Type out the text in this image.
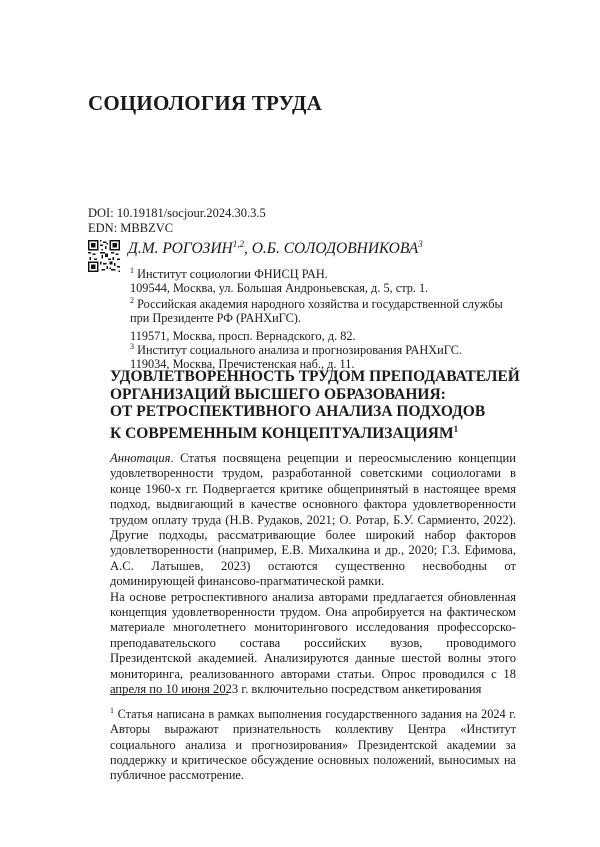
СОЦИОЛОГИЯ ТРУДА
DOI: 10.19181/socjour.2024.30.3.5
EDN: MBBZVC
Д.М. РОГОЗИН$^{1,2}$, О.Б. СОЛОДОВНИКОВА$^3$
$^1$ Институт социологии ФНИСЦ РАН.
109544, Москва, ул. Большая Андроньевская, д. 5, стр. 1.
$^2$ Российская академия народного хозяйства и государственной службы
при Президенте РФ (РАНХиГС).
119571, Москва, просп. Вернадского, д. 82.
$^3$ Институт социального анализа и прогнозирования РАНХиГС.
119034, Москва, Пречистенская наб., д. 11.
УДОВЛЕТВОРЕННОСТЬ ТРУДОМ ПРЕПОДАВАТЕЛЕЙ
ОРГАНИЗАЦИЙ ВЫСШЕГО ОБРАЗОВАНИЯ:
ОТ РЕТРОСПЕКТИВНОГО АНАЛИЗА ПОДХОДОВ
К СОВРЕМЕННЫМ КОНЦЕПТУАЛИЗАЦИЯМ$^1$

Аннотация. Статья посвящена рецепции и переосмыслению концепции удовлетворенности трудом, разработанной советскими социологами в конце 1960-х гг. Подвергается критике общепринятый в настоящее время подход, выдвигающий в качестве основного фактора удовлетворенности трудом оплату труда (Н.В. Рудаков, 2021; О. Ротар, Б.У. Сармиенто, 2022). Другие подходы, рассматривающие более широкий набор факторов удовлетворенности (например, Е.В. Михалкина и др., 2020; Г.З. Ефимова, А.С. Латышев, 2023) остаются существенно несвободны от доминирующей финансово-прагматической рамки.

На основе ретроспективного анализа авторами предлагается обновленная концепция удовлетворенности трудом. Она апробируется на фактическом материале многолетнего мониторингового исследования профессорско-преподавательского состава российских вузов, проводимого Президентской академией. Анализируются данные шестой волны этого мониторинга, реализованного авторами статьи. Опрос проводился с 18 апреля по 10 июня 2023 г. включительно посредством анкетирования

$^1$ Статья написана в рамках выполнения государственного задания на 2024 г. Авторы выражают признательность коллективу Центра «Институт социального анализа и прогнозирования» Президентской академии за поддержку и критическое обсуждение основных положений, выносимых на публичное рассмотрение.
